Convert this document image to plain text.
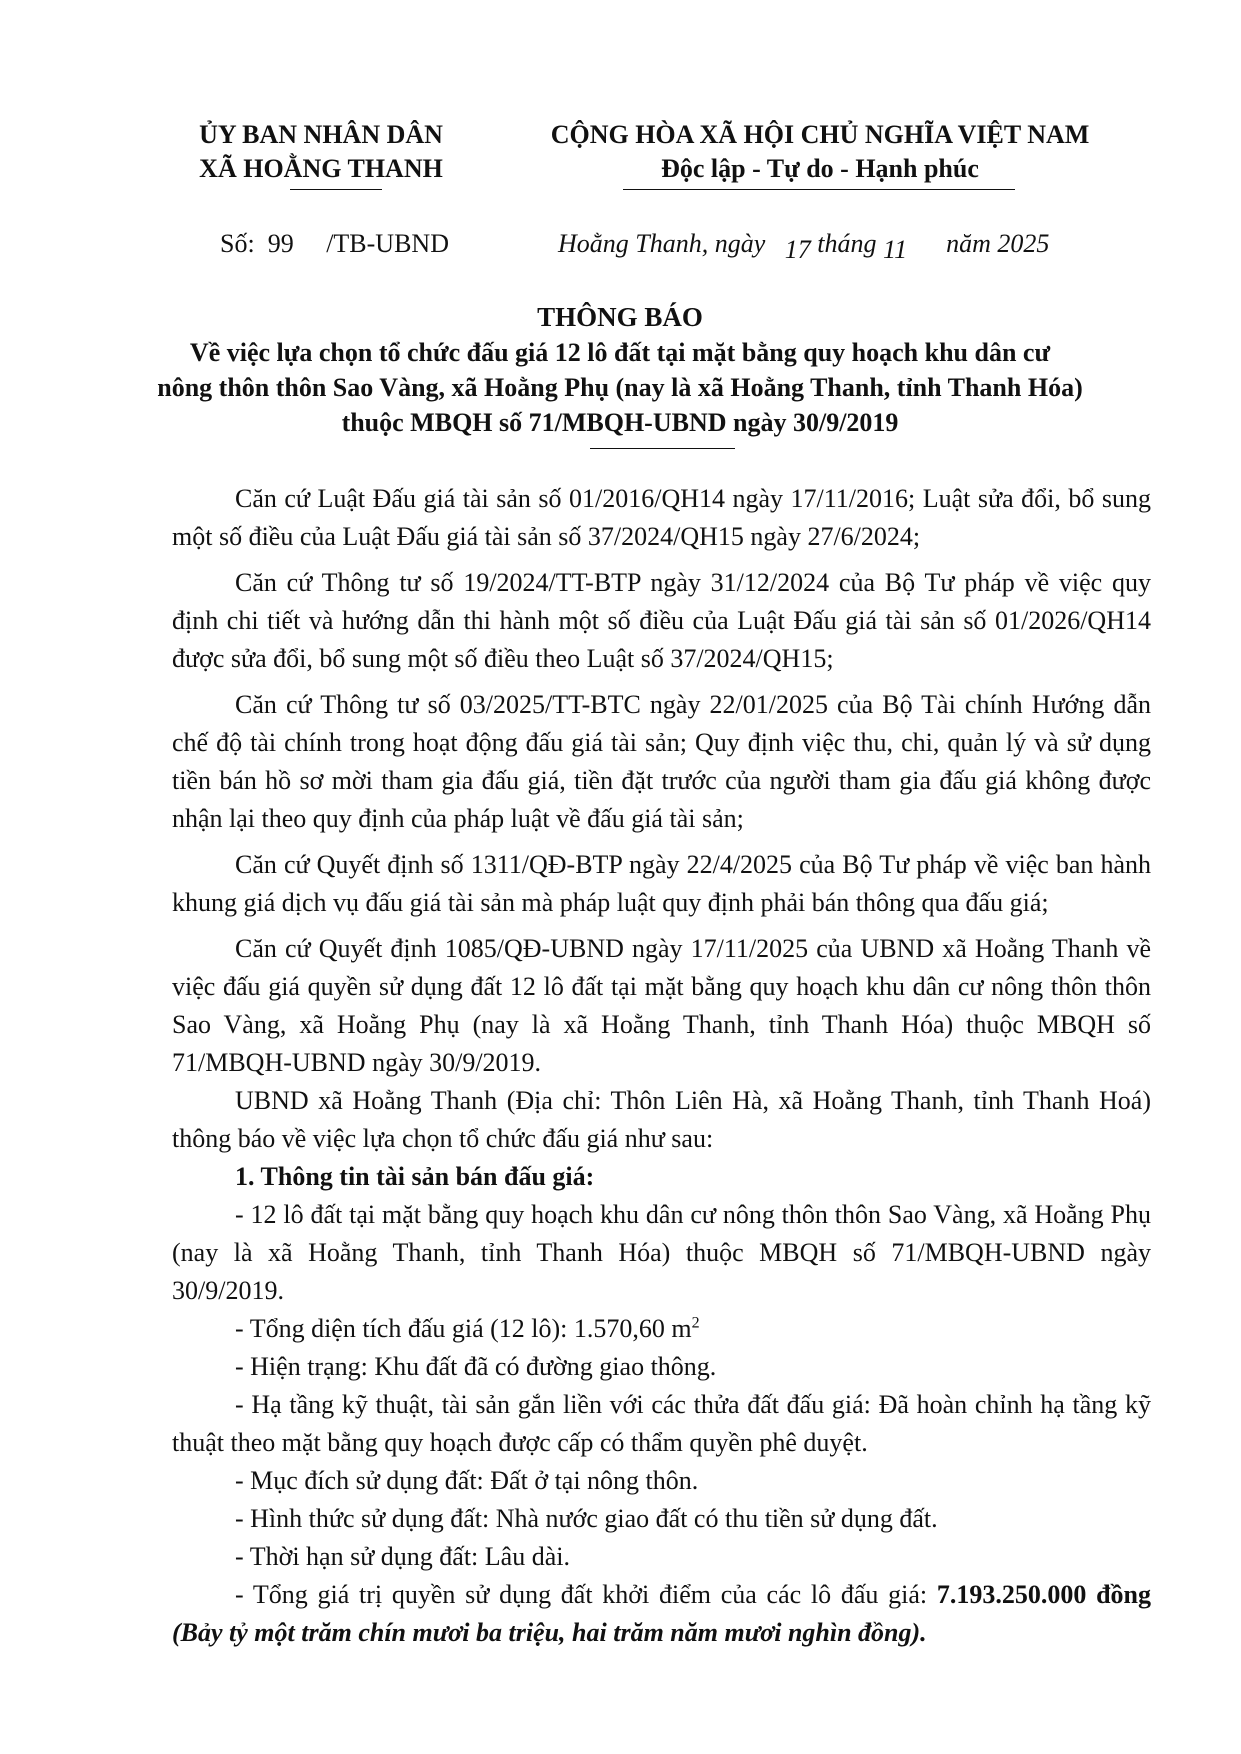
ỦY BAN NHÂN DÂN
XÃ HOẰNG THANH
CỘNG HÒA XÃ HỘI CHỦ NGHĨA VIỆT NAM
Độc lập - Tự do - Hạnh phúc
Số: 99 /TB-UBND	Hoằng Thanh, ngày 17 tháng 11 năm 2025
THÔNG BÁO
Về việc lựa chọn tổ chức đấu giá 12 lô đất tại mặt bằng quy hoạch khu dân cư
nông thôn thôn Sao Vàng, xã Hoằng Phụ (nay là xã Hoằng Thanh, tỉnh Thanh Hóa)
thuộc MBQH số 71/MBQH-UBND ngày 30/9/2019

Căn cứ Luật Đấu giá tài sản số 01/2016/QH14 ngày 17/11/2016; Luật sửa đổi, bổ sung một số điều của Luật Đấu giá tài sản số 37/2024/QH15 ngày 27/6/2024;

Căn cứ Thông tư số 19/2024/TT-BTP ngày 31/12/2024 của Bộ Tư pháp về việc quy định chi tiết và hướng dẫn thi hành một số điều của Luật Đấu giá tài sản số 01/2026/QH14 được sửa đổi, bổ sung một số điều theo Luật số 37/2024/QH15;

Căn cứ Thông tư số 03/2025/TT-BTC ngày 22/01/2025 của Bộ Tài chính Hướng dẫn chế độ tài chính trong hoạt động đấu giá tài sản; Quy định việc thu, chi, quản lý và sử dụng tiền bán hồ sơ mời tham gia đấu giá, tiền đặt trước của người tham gia đấu giá không được nhận lại theo quy định của pháp luật về đấu giá tài sản;

Căn cứ Quyết định số 1311/QĐ-BTP ngày 22/4/2025 của Bộ Tư pháp về việc ban hành khung giá dịch vụ đấu giá tài sản mà pháp luật quy định phải bán thông qua đấu giá;

Căn cứ Quyết định 1085/QĐ-UBND ngày 17/11/2025 của UBND xã Hoằng Thanh về việc đấu giá quyền sử dụng đất 12 lô đất tại mặt bằng quy hoạch khu dân cư nông thôn thôn Sao Vàng, xã Hoằng Phụ (nay là xã Hoằng Thanh, tỉnh Thanh Hóa) thuộc MBQH số 71/MBQH-UBND ngày 30/9/2019.

UBND xã Hoằng Thanh (Địa chỉ: Thôn Liên Hà, xã Hoằng Thanh, tỉnh Thanh Hoá) thông báo về việc lựa chọn tổ chức đấu giá như sau:

1. Thông tin tài sản bán đấu giá:

- 12 lô đất tại mặt bằng quy hoạch khu dân cư nông thôn thôn Sao Vàng, xã Hoằng Phụ (nay là xã Hoằng Thanh, tỉnh Thanh Hóa) thuộc MBQH số 71/MBQH-UBND ngày 30/9/2019.

- Tổng diện tích đấu giá (12 lô): 1.570,60 $m^2$

- Hiện trạng: Khu đất đã có đường giao thông.

- Hạ tầng kỹ thuật, tài sản gắn liền với các thửa đất đấu giá: Đã hoàn chỉnh hạ tầng kỹ thuật theo mặt bằng quy hoạch được cấp có thẩm quyền phê duyệt.

- Mục đích sử dụng đất: Đất ở tại nông thôn.

- Hình thức sử dụng đất: Nhà nước giao đất có thu tiền sử dụng đất.

- Thời hạn sử dụng đất: Lâu dài.

- Tổng giá trị quyền sử dụng đất khởi điểm của các lô đấu giá: 7.193.250.000 đồng (Bảy tỷ một trăm chín mươi ba triệu, hai trăm năm mươi nghìn đồng).
